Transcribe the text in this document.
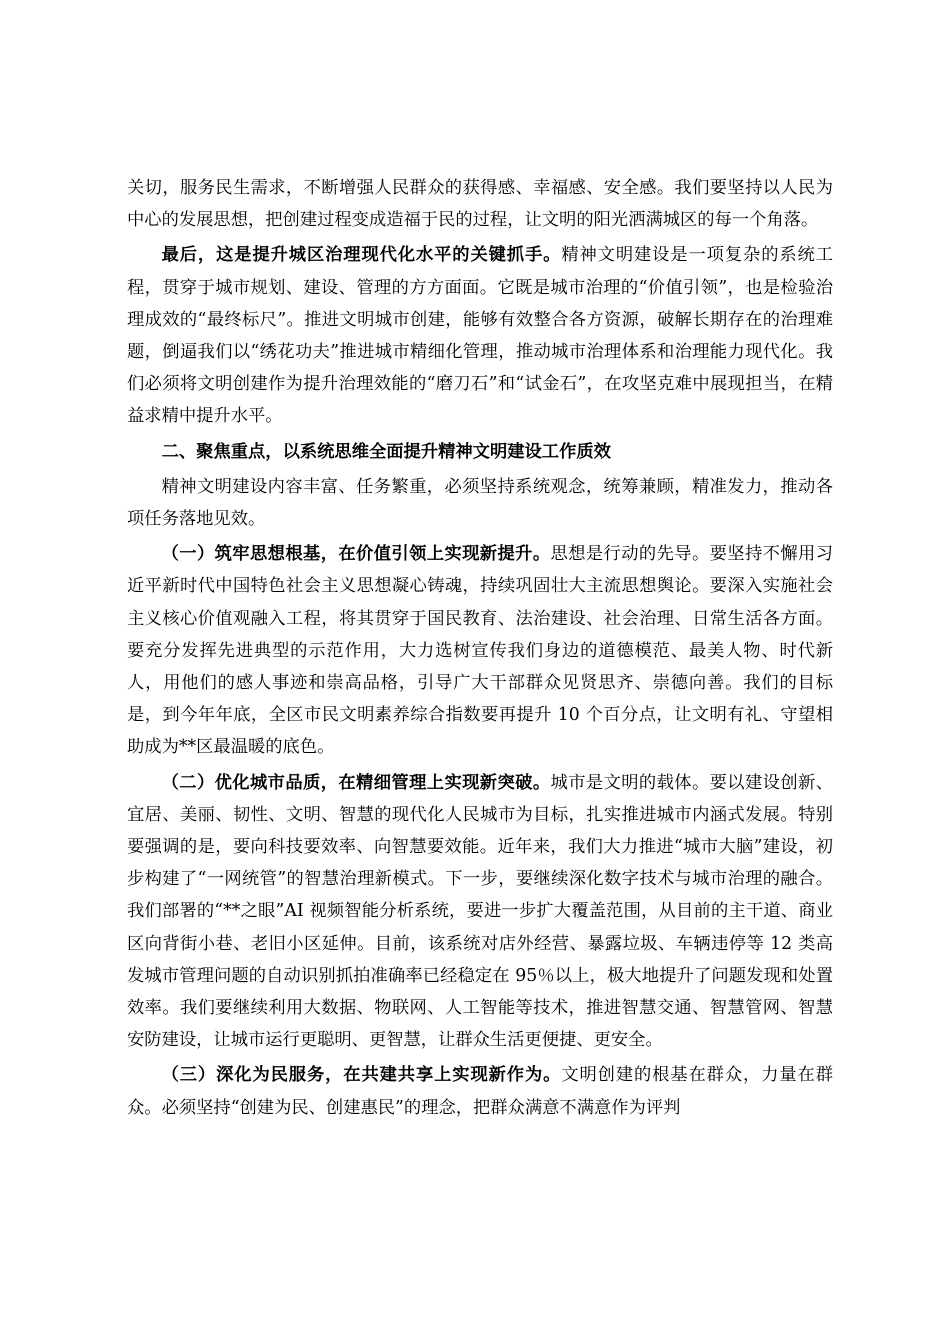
关切，服务民生需求，不断增强人民群众的获得感、幸福感、安全感。我们要坚持以人民为中心的发展思想，把创建过程变成造福于民的过程，让文明的阳光洒满城区的每一个角落。

最后，这是提升城区治理现代化水平的关键抓手。精神文明建设是一项复杂的系统工程，贯穿于城市规划、建设、管理的方方面面。它既是城市治理的“价值引领”，也是检验治理成效的“最终标尺”。推进文明城市创建，能够有效整合各方资源，破解长期存在的治理难题，倒逼我们以“绣花功夫”推进城市精细化管理，推动城市治理体系和治理能力现代化。我们必须将文明创建作为提升治理效能的“磨刀石”和“试金石”，在攻坚克难中展现担当，在精益求精中提升水平。

二、聚焦重点，以系统思维全面提升精神文明建设工作质效

精神文明建设内容丰富、任务繁重，必须坚持系统观念，统筹兼顾，精准发力，推动各项任务落地见效。

（一）筑牢思想根基，在价值引领上实现新提升。思想是行动的先导。要坚持不懈用习近平新时代中国特色社会主义思想凝心铸魂，持续巩固壮大主流思想舆论。要深入实施社会主义核心价值观融入工程，将其贯穿于国民教育、法治建设、社会治理、日常生活各方面。要充分发挥先进典型的示范作用，大力选树宣传我们身边的道德模范、最美人物、时代新人，用他们的感人事迹和崇高品格，引导广大干部群众见贤思齐、崇德向善。我们的目标是，到今年年底，全区市民文明素养综合指数要再提升 10 个百分点，让文明有礼、守望相助成为**区最温暖的底色。

（二）优化城市品质，在精细管理上实现新突破。城市是文明的载体。要以建设创新、宜居、美丽、韧性、文明、智慧的现代化人民城市为目标，扎实推进城市内涵式发展。特别要强调的是，要向科技要效率、向智慧要效能。近年来，我们大力推进“城市大脑”建设，初步构建了“一网统管”的智慧治理新模式。下一步，要继续深化数字技术与城市治理的融合。我们部署的“**之眼”AI 视频智能分析系统，要进一步扩大覆盖范围，从目前的主干道、商业区向背街小巷、老旧小区延伸。目前，该系统对店外经营、暴露垃圾、车辆违停等 12 类高发城市管理问题的自动识别抓拍准确率已经稳定在 95％以上，极大地提升了问题发现和处置效率。我们要继续利用大数据、物联网、人工智能等技术，推进智慧交通、智慧管网、智慧安防建设，让城市运行更聪明、更智慧，让群众生活更便捷、更安全。

（三）深化为民服务，在共建共享上实现新作为。文明创建的根基在群众，力量在群众。必须坚持“创建为民、创建惠民”的理念，把群众满意不满意作为评判
